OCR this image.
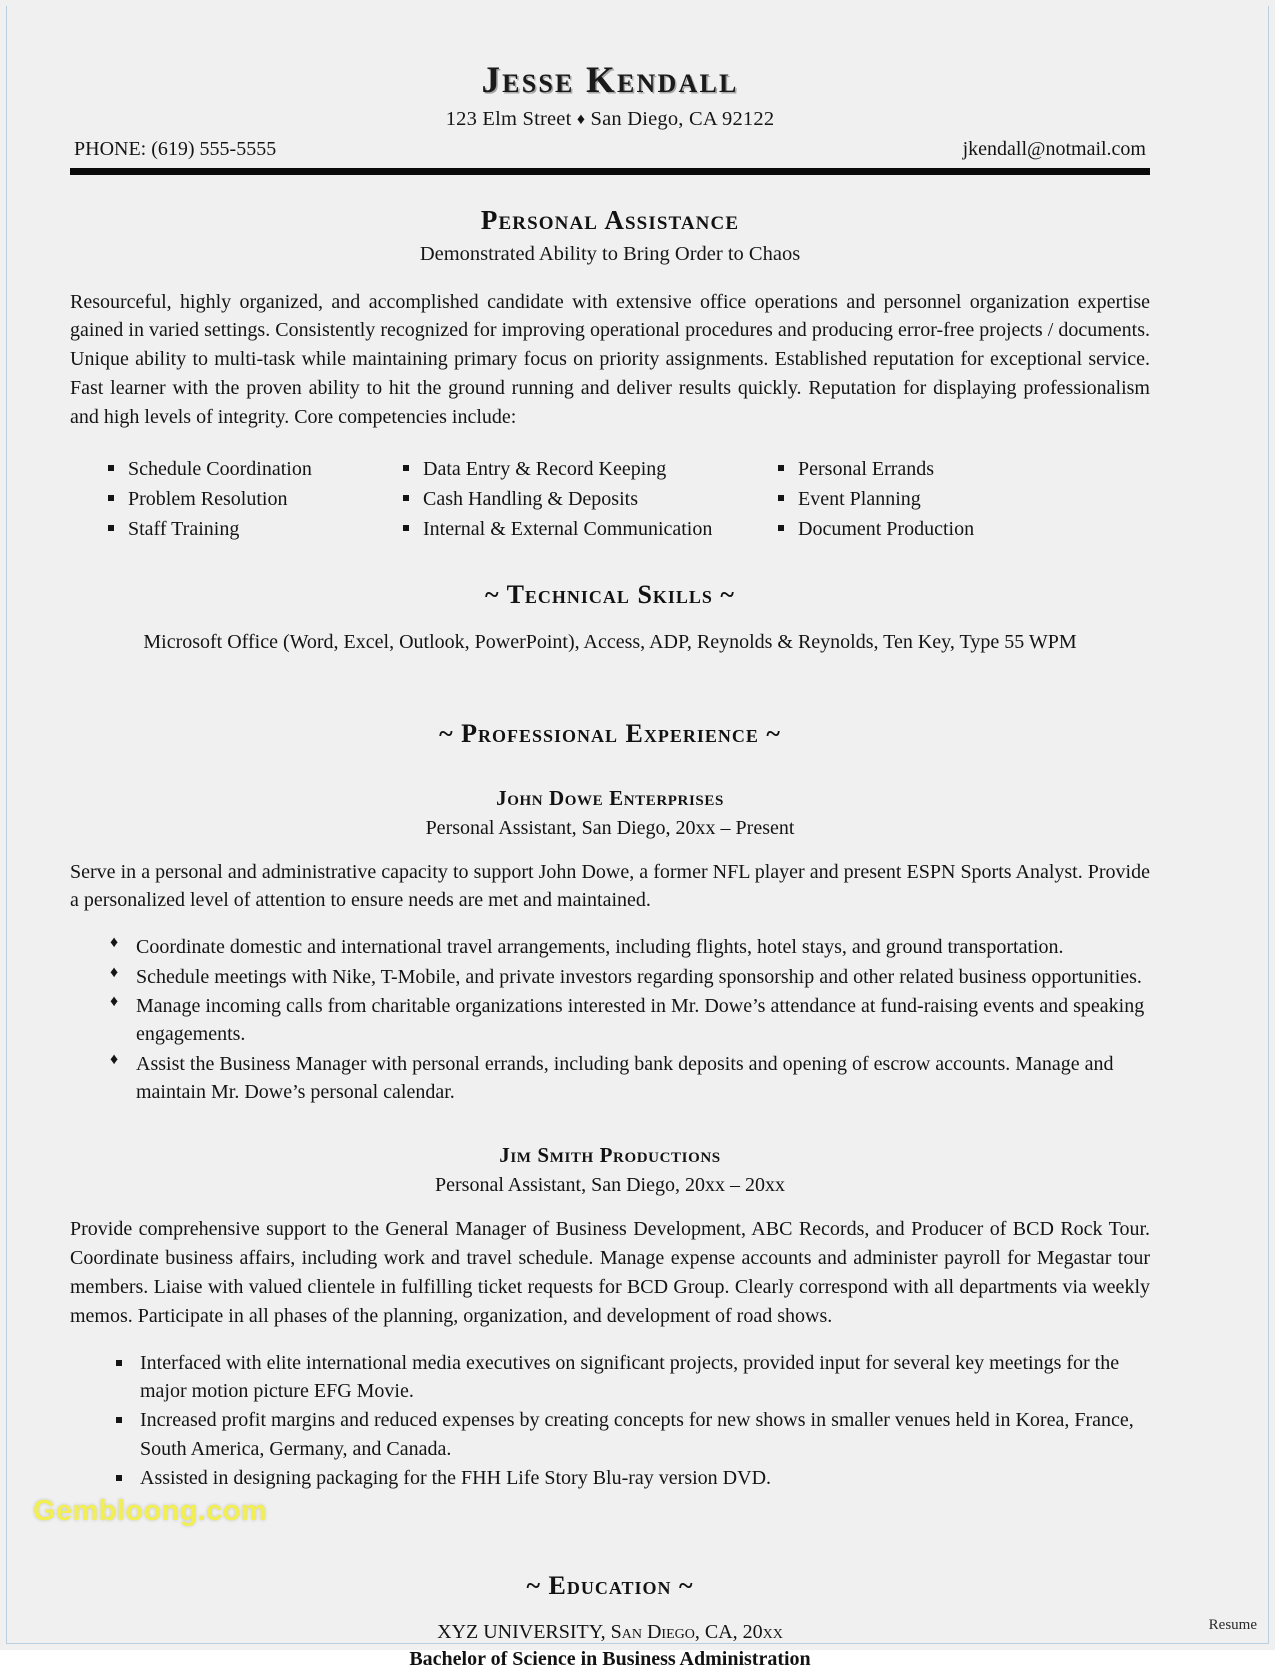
Jesse Kendall
123 Elm Street ♦ San Diego, CA 92122
PHONE: (619) 555-5555	jkendall@notmail.com
Personal Assistance
Demonstrated Ability to Bring Order to Chaos
Resourceful, highly organized, and accomplished candidate with extensive office operations and personnel organization expertise gained in varied settings. Consistently recognized for improving operational procedures and producing error-free projects / documents. Unique ability to multi-task while maintaining primary focus on priority assignments. Established reputation for exceptional service. Fast learner with the proven ability to hit the ground running and deliver results quickly. Reputation for displaying professionalism and high levels of integrity. Core competencies include:
Schedule Coordination	Data Entry & Record Keeping	Personal Errands
Problem Resolution	Cash Handling & Deposits	Event Planning
Staff Training	Internal & External Communication	Document Production
~ Technical Skills ~
Microsoft Office (Word, Excel, Outlook, PowerPoint), Access, ADP, Reynolds & Reynolds, Ten Key, Type 55 WPM
~ Professional Experience ~
John Dowe Enterprises
Personal Assistant, San Diego, 20xx – Present
Serve in a personal and administrative capacity to support John Dowe, a former NFL player and present ESPN Sports Analyst. Provide a personalized level of attention to ensure needs are met and maintained.
♦ Coordinate domestic and international travel arrangements, including flights, hotel stays, and ground transportation.
♦ Schedule meetings with Nike, T-Mobile, and private investors regarding sponsorship and other related business opportunities.
♦ Manage incoming calls from charitable organizations interested in Mr. Dowe’s attendance at fund-raising events and speaking engagements.
♦ Assist the Business Manager with personal errands, including bank deposits and opening of escrow accounts. Manage and maintain Mr. Dowe’s personal calendar.
Jim Smith Productions
Personal Assistant, San Diego, 20xx – 20xx
Provide comprehensive support to the General Manager of Business Development, ABC Records, and Producer of BCD Rock Tour. Coordinate business affairs, including work and travel schedule. Manage expense accounts and administer payroll for Megastar tour members. Liaise with valued clientele in fulfilling ticket requests for BCD Group. Clearly correspond with all departments via weekly memos. Participate in all phases of the planning, organization, and development of road shows.
Interfaced with elite international media executives on significant projects, provided input for several key meetings for the major motion picture EFG Movie.
Increased profit margins and reduced expenses by creating concepts for new shows in smaller venues held in Korea, France, South America, Germany, and Canada.
Assisted in designing packaging for the FHH Life Story Blu-ray version DVD.
~ Education ~
XYZ UNIVERSITY, San Diego, CA, 20xx
Bachelor of Science in Business Administration
Gembloong.com
Resume
